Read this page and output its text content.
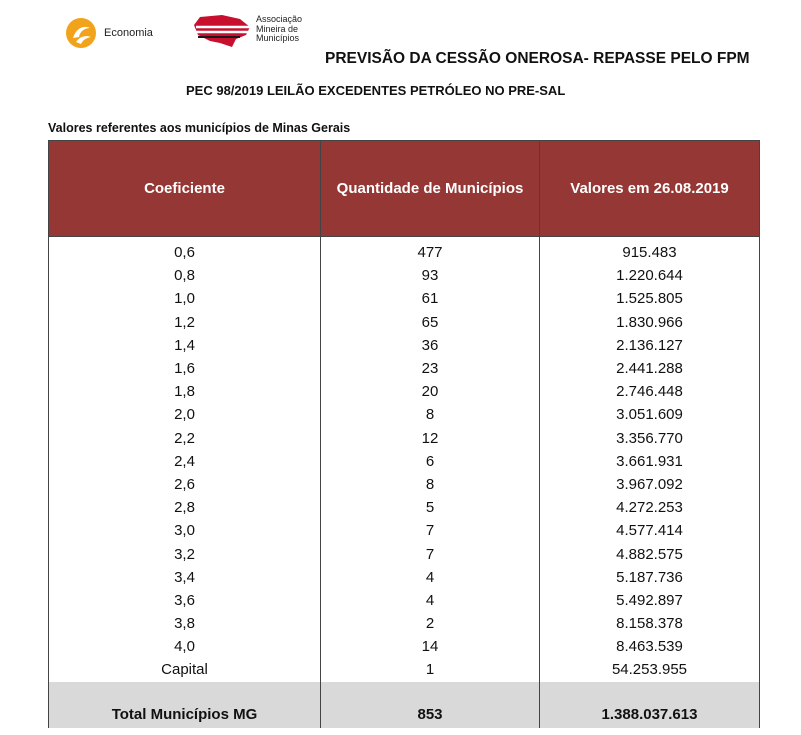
Economia
Associação
Mineira de
Municípios
PREVISÃO DA CESSÃO ONEROSA- REPASSE PELO FPM
PEC 98/2019 LEILÃO EXCEDENTES PETRÓLEO NO PRE-SAL
Valores referentes aos municípios de Minas Gerais
Coeficiente	Quantidade de Municípios	Valores em 26.08.2019
0,6	477	915.483
0,8	93	1.220.644
1,0	61	1.525.805
1,2	65	1.830.966
1,4	36	2.136.127
1,6	23	2.441.288
1,8	20	2.746.448
2,0	8	3.051.609
2,2	12	3.356.770
2,4	6	3.661.931
2,6	8	3.967.092
2,8	5	4.272.253
3,0	7	4.577.414
3,2	7	4.882.575
3,4	4	5.187.736
3,6	4	5.492.897
3,8	2	8.158.378
4,0	14	8.463.539
Capital	1	54.253.955
Total Municípios MG	853	1.388.037.613
